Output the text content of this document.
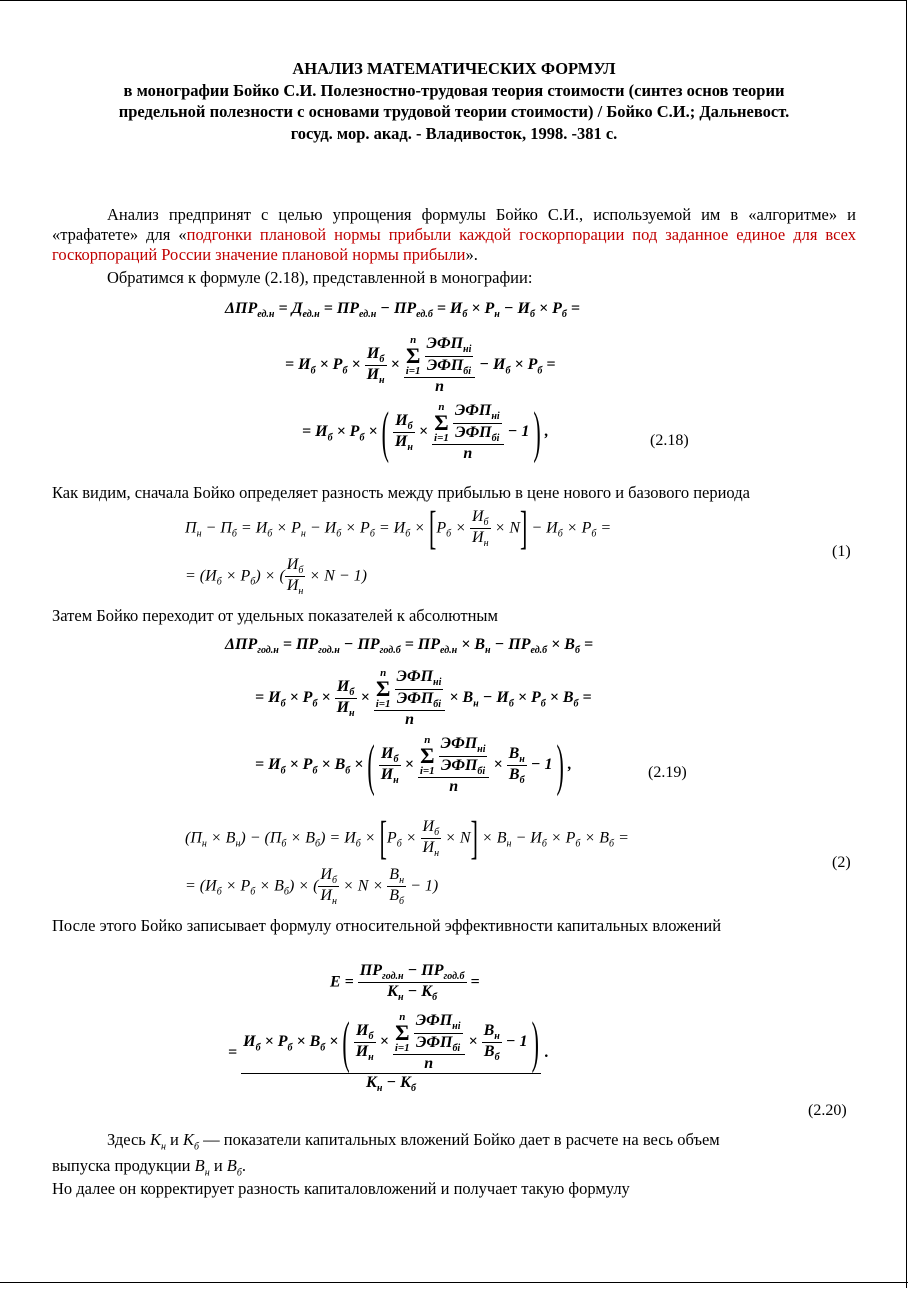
АНАЛИЗ МАТЕМАТИЧЕСКИХ ФОРМУЛ
в монографии Бойко С.И. Полезностно-трудовая теория стоимости (синтез основ теории
предельной полезности с основами трудовой теории стоимости) / Бойко С.И.; Дальневост.
госуд. мор. акад. - Владивосток, 1998. -381 с.
Анализ предпринят с целью упрощения формулы Бойко С.И., используемой им в «алгоритме» и «трафатете» для «подгонки плановой нормы прибыли каждой госкорпорации под заданное единое для всех госкорпораций России значение плановой нормы прибыли».
Обратимся к формуле (2.18), представленной в монографии:
$\Delta ПР_{ед.н} = Д_{ед.н} = ПР_{ед.н} - ПР_{ед.б} = И_б \times Р_н - И_б \times Р_б$ =
= $И_б \times Р_б \times \frac{И_б}{И_н}$ ×
n
Σ
$i=1 \frac{ЭФП_{нi}}{ЭФП_{бi}}$
n
− $И_б \times Р_б$ =
= $И_б \times Р_б$ × ( $\frac{И_б}{И_н}$ ×
n
Σ
$i=1 \frac{ЭФП_{нi}}{ЭФП_{бi}}$
n
− 1 ) ,
(2.18)
Как видим, сначала Бойко определяет разность между прибылью в цене нового и базового периода
$П_н - П_б = И_б \times Р_н - И_б \times Р_б = И_б \times [Р_б \times \frac{И_б}{И_н} \times N] - И_б \times Р_б$ =
= $(И_б \times Р_б)$ × ( $\frac{И_б}{И_н} \times N - 1$)
(1)
Затем Бойко переходит от удельных показателей к абсолютным
$\Delta ПР_{год.н} = ПР_{год.н} - ПР_{год.б} = ПР_{ед.н} \times В_н - ПР_{ед.б} \times В_б$ =
= $И_б \times Р_б \times \frac{И_б}{И_н}$ ×
n
Σ
$i=1 \frac{ЭФП_{нi}}{ЭФП_{бi}}$
n
× $В_н - И_б \times Р_б \times В_б$ =
= $И_б \times Р_б \times В_б$ × ( $\frac{И_б}{И_н}$ ×
n
Σ
$i=1 \frac{ЭФП_{нi}}{ЭФП_{бi}}$
n
× $\frac{В_н}{В_б} - 1$ ) ,	(2.19)
$(П_н \times В_н) - (П_б \times В_б) = И_б \times [Р_б \times \frac{И_б}{И_н} \times N] \times В_н - И_б \times Р_б \times В_б$ =
= $(И_б \times Р_б \times В_б)$ × ( $\frac{И_б}{И_н} \times N \times \frac{В_н}{В_б} - 1$)
(2)
После этого Бойко записывает формулу относительной эффективности капитальных вложений
$E = \frac{ПР_{год.н} - ПР_{год.б}}{К_н - К_б}$ =
=
$И_б \times Р_б \times В_б$ × ( $\frac{И_б}{И_н}$ ×
n
Σ
$i=1 \frac{ЭФП_{нi}}{ЭФП_{бi}}$
n
× $\frac{В_н}{В_б} - 1$ )
$К_н - К_б$
.
(2.20)
Здесь $К_н$ и $К_б$ — показатели капитальных вложений Бойко дает в расчете на весь объем
выпуска продукции $В_н$ и $В_б$.
Но далее он корректирует разность капиталовложений и получает такую формулу
